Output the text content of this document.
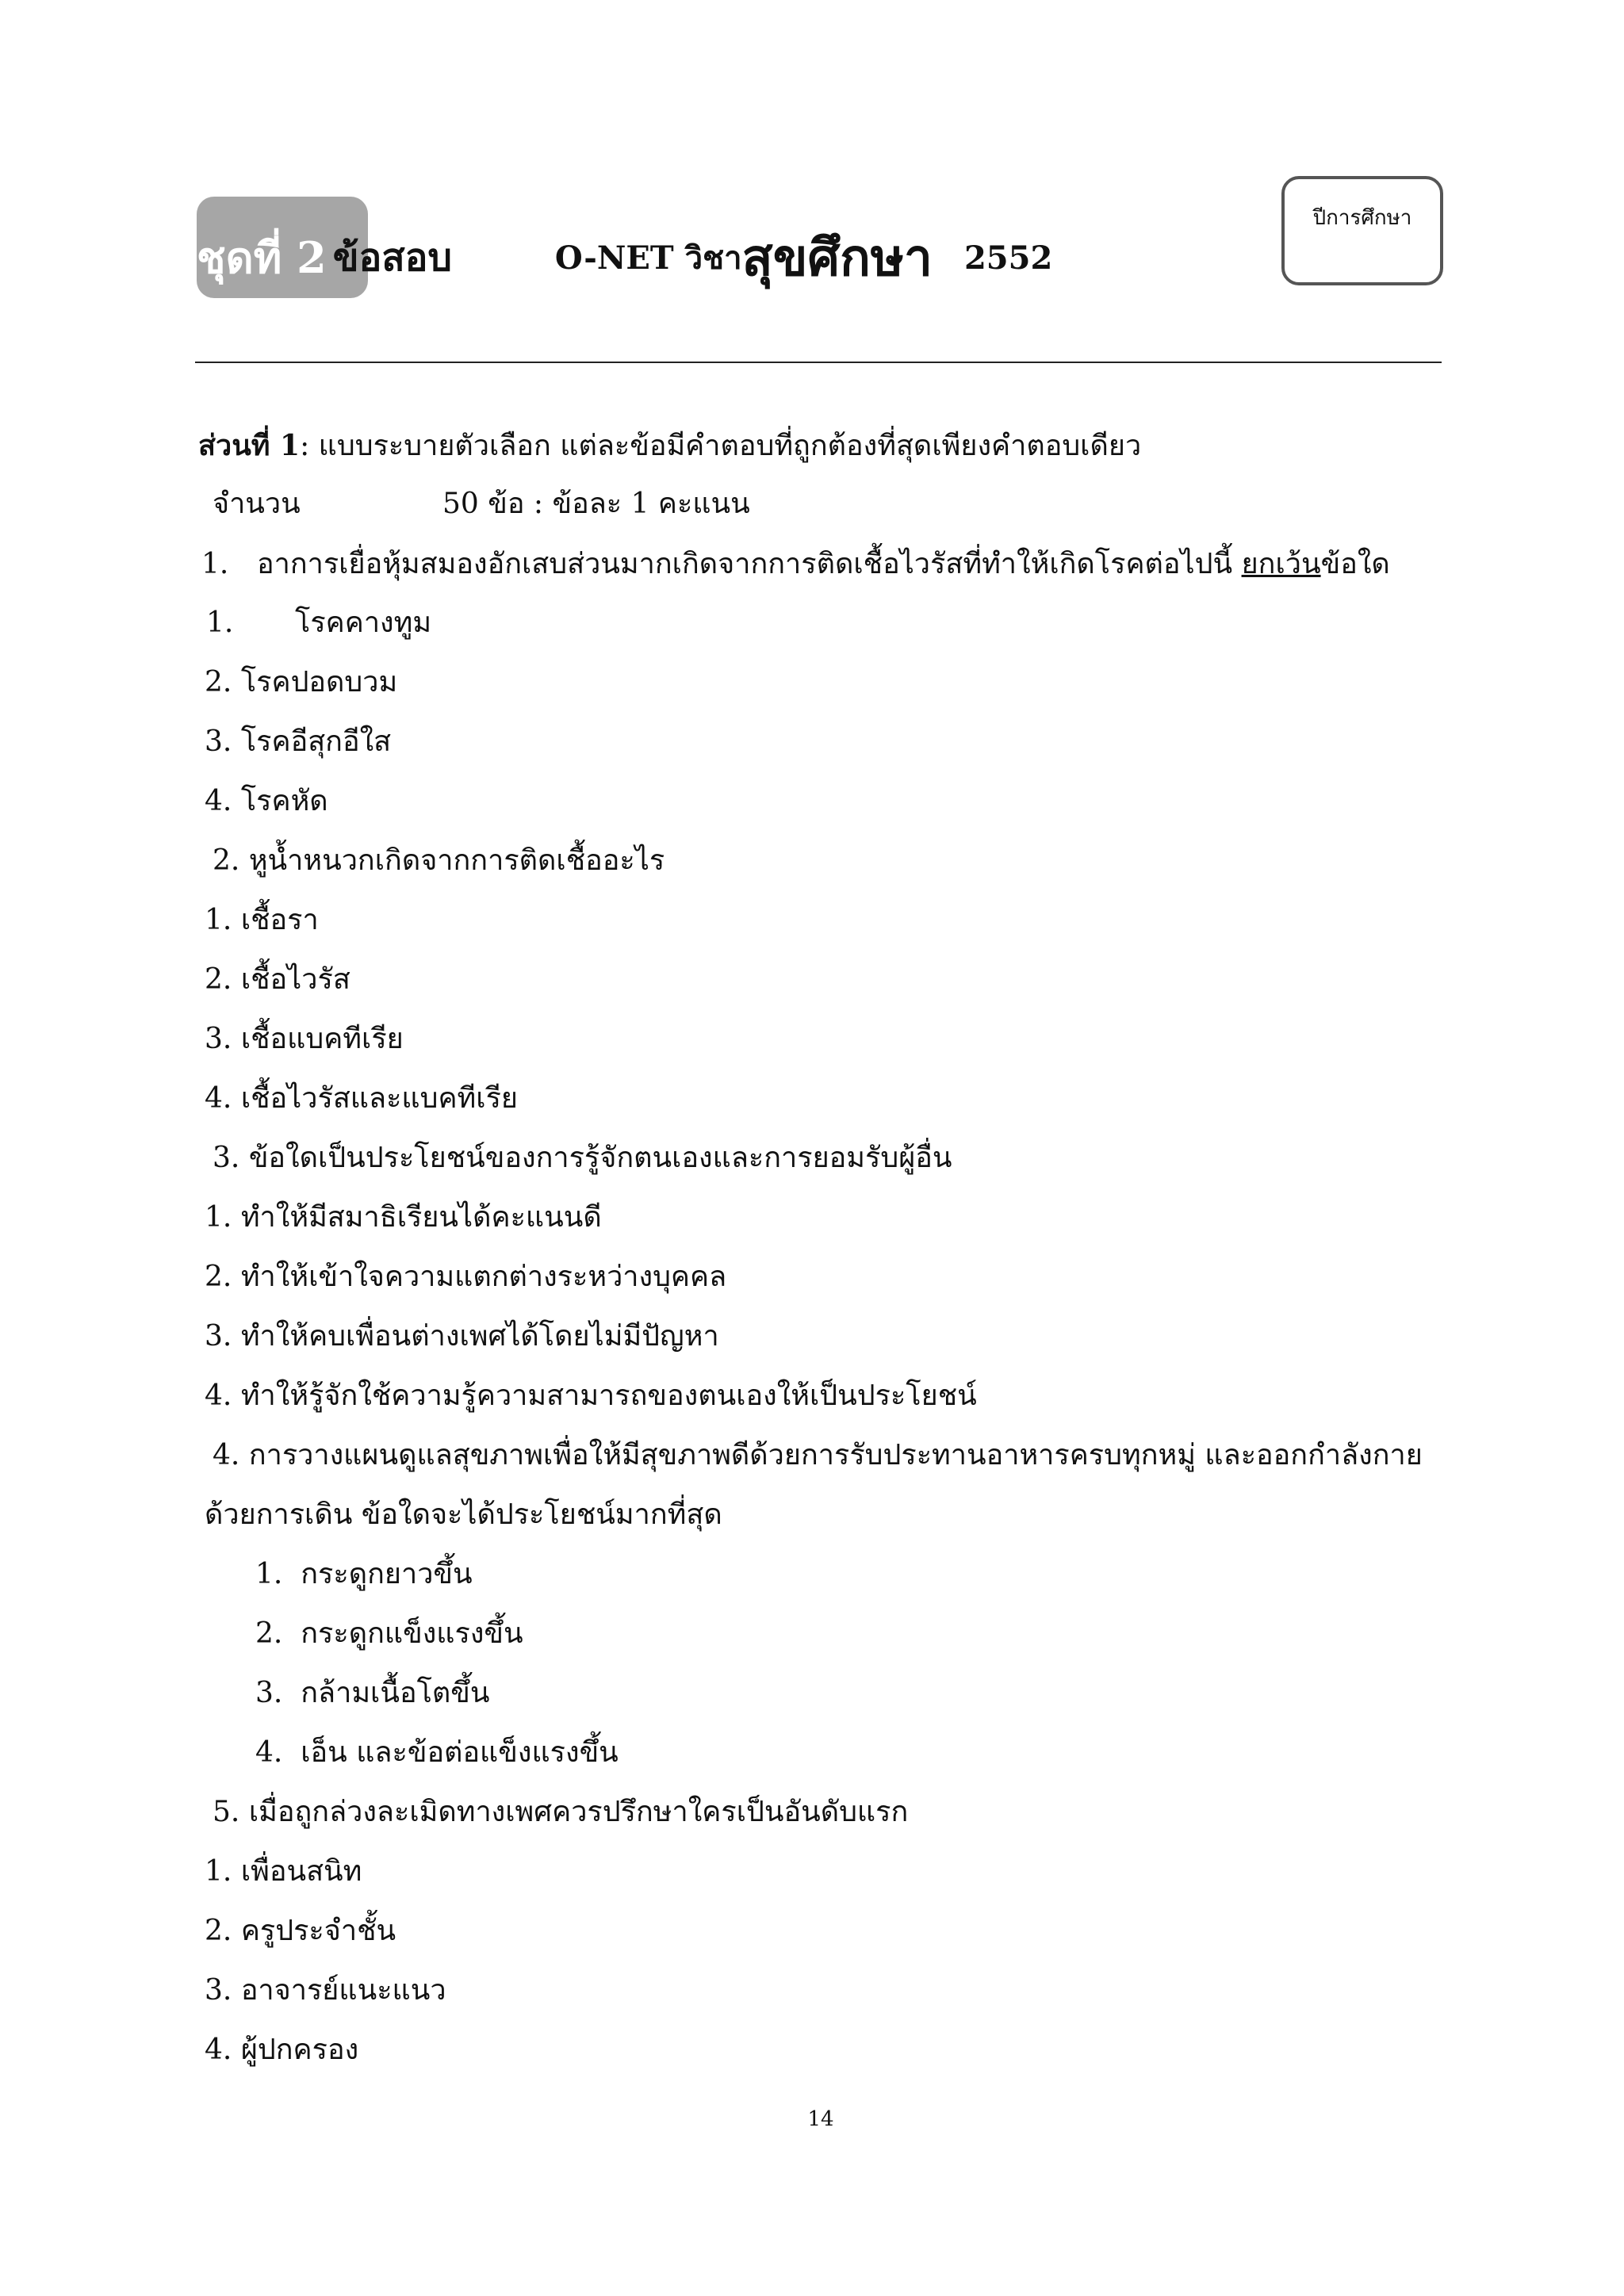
ชุดที่ 2 ข้อสอบ	O-NET วิชา สุขศึกษา 2552
ปีการศึกษา
ส่วนที่ 1: แบบระบายตัวเลือก แต่ละข้อมีคำตอบที่ถูกต้องที่สุดเพียงคำตอบเดียว
จำนวน	50 ข้อ : ข้อละ 1 คะแนน
1. อาการเยื่อหุ้มสมองอักเสบส่วนมากเกิดจากการติดเชื้อไวรัสที่ทำให้เกิดโรคต่อไปนี้ ยกเว้นข้อใด
1. โรคคางทูม
2. โรคปอดบวม
3. โรคอีสุกอีใส
4. โรคหัด
2. หูน้ำหนวกเกิดจากการติดเชื้ออะไร
1. เชื้อรา
2. เชื้อไวรัส
3. เชื้อแบคทีเรีย
4. เชื้อไวรัสและแบคทีเรีย
3. ข้อใดเป็นประโยชน์ของการรู้จักตนเองและการยอมรับผู้อื่น
1. ทำให้มีสมาธิเรียนได้คะแนนดี
2. ทำให้เข้าใจความแตกต่างระหว่างบุคคล
3. ทำให้คบเพื่อนต่างเพศได้โดยไม่มีปัญหา
4. ทำให้รู้จักใช้ความรู้ความสามารถของตนเองให้เป็นประโยชน์
4. การวางแผนดูแลสุขภาพเพื่อให้มีสุขภาพดีด้วยการรับประทานอาหารครบทุกหมู่ และออกกำลังกาย
ด้วยการเดิน ข้อใดจะได้ประโยชน์มากที่สุด
1. กระดูกยาวขึ้น
2. กระดูกแข็งแรงขึ้น
3. กล้ามเนื้อโตขึ้น
4. เอ็น และข้อต่อแข็งแรงขึ้น
5. เมื่อถูกล่วงละเมิดทางเพศควรปรึกษาใครเป็นอันดับแรก
1. เพื่อนสนิท
2. ครูประจำชั้น
3. อาจารย์แนะแนว
4. ผู้ปกครอง
14
